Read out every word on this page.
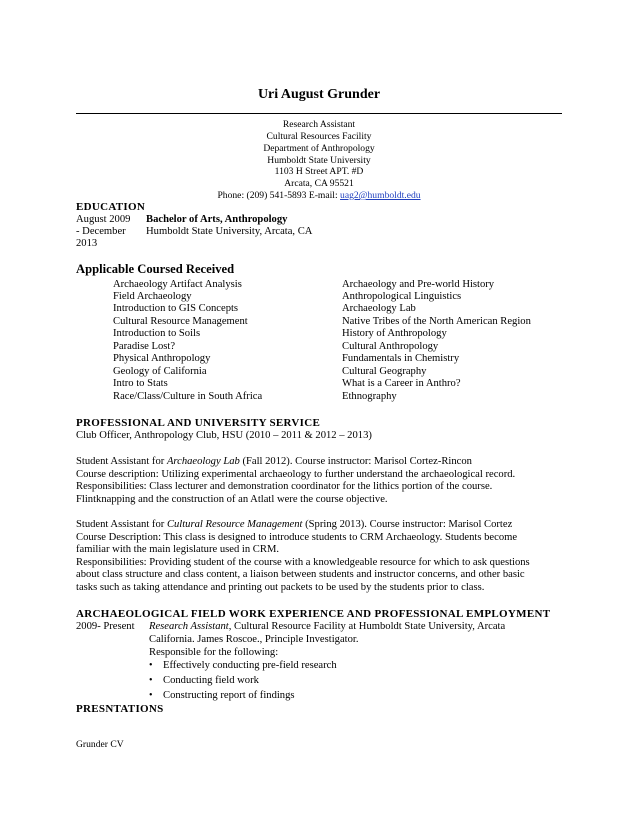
Uri August Grunder
Research Assistant
Cultural Resources Facility
Department of Anthropology
Humboldt State University
1103 H Street APT. #D
Arcata, CA 95521
Phone: (209) 541-5893 E-mail: uag2@humboldt.edu
EDUCATION
August 2009
- December
2013
Bachelor of Arts, Anthropology
Humboldt State University, Arcata, CA
Applicable Coursed Received
Archaeology Artifact Analysis
Field Archaeology
Introduction to GIS Concepts
Cultural Resource Management
Introduction to Soils
Paradise Lost?
Physical Anthropology
Geology of California
Intro to Stats
Race/Class/Culture in South Africa
Archaeology and Pre-world History
Anthropological Linguistics
Archaeology Lab
Native Tribes of the North American Region
History of Anthropology
Cultural Anthropology
Fundamentals in Chemistry
Cultural Geography
What is a Career in Anthro?
Ethnography
PROFESSIONAL AND UNIVERSITY SERVICE
Club Officer, Anthropology Club, HSU (2010 – 2011 & 2012 – 2013)
Student Assistant for Archaeology Lab (Fall 2012). Course instructor: Marisol Cortez-Rincon
Course description: Utilizing experimental archaeology to further understand the archaeological record.
Responsibilities: Class lecturer and demonstration coordinator for the lithics portion of the course.
Flintknapping and the construction of an Atlatl were the course objective.
Student Assistant for Cultural Resource Management (Spring 2013). Course instructor: Marisol Cortez
Course Description: This class is designed to introduce students to CRM Archaeology. Students become
familiar with the main legislature used in CRM.
Responsibilities: Providing student of the course with a knowledgeable resource for which to ask questions
about class structure and class content, a liaison between students and instructor concerns, and other basic
tasks such as taking attendance and printing out packets to be used by the students prior to class.
ARCHAEOLOGICAL FIELD WORK EXPERIENCE AND PROFESSIONAL EMPLOYMENT
2009- Present Research Assistant, Cultural Resource Facility at Humboldt State University, Arcata
California. James Roscoe., Principle Investigator.
Responsible for the following:
• Effectively conducting pre-field research
• Conducting field work
• Constructing report of findings
PRESNTATIONS
Grunder CV
